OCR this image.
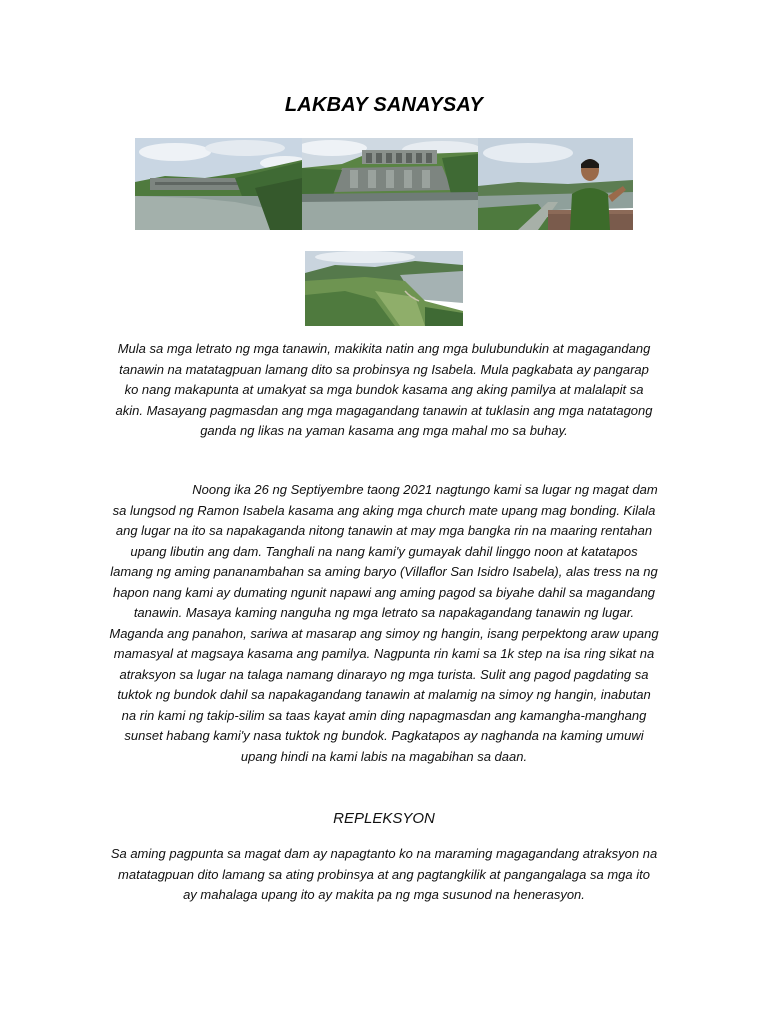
LAKBAY SANAYSAY
Mula sa mga letrato ng mga tanawin, makikita natin ang mga bulubundukin at magagandang
tanawin na matatagpuan lamang dito sa probinsya ng Isabela. Mula pagkabata ay pangarap
ko nang makapunta at umakyat sa mga bundok kasama ang aking pamilya at malalapit sa
akin. Masayang pagmasdan ang mga magagandang tanawin at tuklasin ang mga natatagong
ganda ng likas na yaman kasama ang mga mahal mo sa buhay.
Noong ika 26 ng Septiyembre taong 2021 nagtungo kami sa lugar ng magat dam
sa lungsod ng Ramon Isabela kasama ang aking mga church mate upang mag bonding. Kilala
ang lugar na ito sa napakaganda nitong tanawin at may mga bangka rin na maaring rentahan
upang libutin ang dam. Tanghali na nang kami'y gumayak dahil linggo noon at katatapos
lamang ng aming pananambahan sa aming baryo (Villaflor San Isidro Isabela), alas tress na ng
hapon nang kami ay dumating ngunit napawi ang aming pagod sa biyahe dahil sa magandang
tanawin. Masaya kaming nanguha ng mga letrato sa napakagandang tanawin ng lugar.
Maganda ang panahon, sariwa at masarap ang simoy ng hangin, isang perpektong araw upang
mamasyal at magsaya kasama ang pamilya. Nagpunta rin kami sa 1k step na isa ring sikat na
atraksyon sa lugar na talaga namang dinarayo ng mga turista. Sulit ang pagod pagdating sa
tuktok ng bundok dahil sa napakagandang tanawin at malamig na simoy ng hangin, inabutan
na rin kami ng takip-silim sa taas kayat amin ding napagmasdan ang kamangha-manghang
sunset habang kami'y nasa tuktok ng bundok. Pagkatapos ay naghanda na kaming umuwi
upang hindi na kami labis na magabihan sa daan.
REPLEKSYON
Sa aming pagpunta sa magat dam ay napagtanto ko na maraming magagandang atraksyon na
matatagpuan dito lamang sa ating probinsya at ang pagtangkilik at pangangalaga sa mga ito
ay mahalaga upang ito ay makita pa ng mga susunod na henerasyon.
